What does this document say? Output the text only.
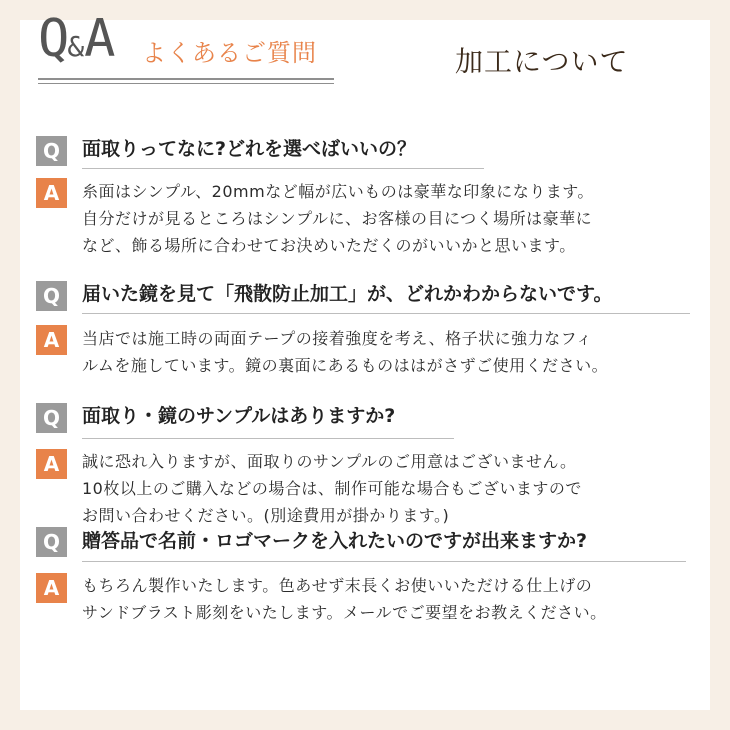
Q&A よくあるご質問	加工について
Q	面取りってなに?どれを選べばいいの？
A	糸面はシンプル、20mmなど幅が広いものは豪華な印象になります。
自分だけが見るところはシンプルに、お客様の目につく場所は豪華に
など、飾る場所に合わせてお決めいただくのがいいかと思います。
Q	届いた鏡を見て「飛散防止加工」が、どれかわからないです。
A	当店では施工時の両面テープの接着強度を考え、格子状に強力なフィ
ルムを施しています。鏡の裏面にあるものははがさずご使用ください。
Q	面取り・鏡のサンプルはありますか?
A	誠に恐れ入りますが、面取りのサンプルのご用意はございません。
10枚以上のご購入などの場合は、制作可能な場合もございますので
お問い合わせください。(別途費用が掛かります。)
Q	贈答品で名前・ロゴマークを入れたいのですが出来ますか?
A	もちろん製作いたします。色あせず末長くお使いいただける仕上げの
サンドブラスト彫刻をいたします。メールでご要望をお教えください。
